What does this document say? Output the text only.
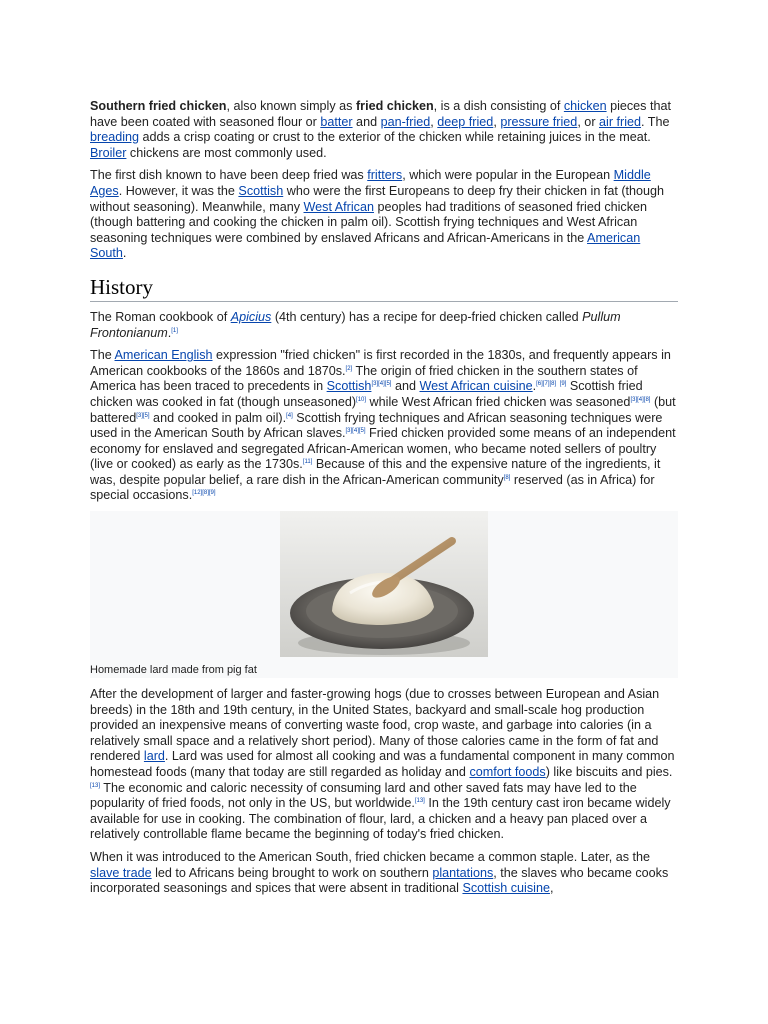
Southern fried chicken, also known simply as fried chicken, is a dish consisting of chicken pieces that have been coated with seasoned flour or batter and pan-fried, deep fried, pressure fried, or air fried. The breading adds a crisp coating or crust to the exterior of the chicken while retaining juices in the meat. Broiler chickens are most commonly used.

The first dish known to have been deep fried was fritters, which were popular in the European Middle Ages. However, it was the Scottish who were the first Europeans to deep fry their chicken in fat (though without seasoning). Meanwhile, many West African peoples had traditions of seasoned fried chicken (though battering and cooking the chicken in palm oil). Scottish frying techniques and West African seasoning techniques were combined by enslaved Africans and African-Americans in the American South.

History

The Roman cookbook of Apicius (4th century) has a recipe for deep-fried chicken called Pullum Frontonianum.[1]

The American English expression "fried chicken" is first recorded in the 1830s, and frequently appears in American cookbooks of the 1860s and 1870s.[2] The origin of fried chicken in the southern states of America has been traced to precedents in Scottish[3][4][5] and West African cuisine.[6][7][8] [9] Scottish fried chicken was cooked in fat (though unseasoned)[10] while West African fried chicken was seasoned[3][4][8] (but battered[3][5] and cooked in palm oil).[4] Scottish frying techniques and African seasoning techniques were used in the American South by African slaves.[3][4][5] Fried chicken provided some means of an independent economy for enslaved and segregated African-American women, who became noted sellers of poultry (live or cooked) as early as the 1730s.[11] Because of this and the expensive nature of the ingredients, it was, despite popular belief, a rare dish in the African-American community[8] reserved (as in Africa) for special occasions.[12][8][9]

Homemade lard made from pig fat

After the development of larger and faster-growing hogs (due to crosses between European and Asian breeds) in the 18th and 19th century, in the United States, backyard and small-scale hog production provided an inexpensive means of converting waste food, crop waste, and garbage into calories (in a relatively small space and a relatively short period). Many of those calories came in the form of fat and rendered lard. Lard was used for almost all cooking and was a fundamental component in many common homestead foods (many that today are still regarded as holiday and comfort foods) like biscuits and pies.[13] The economic and caloric necessity of consuming lard and other saved fats may have led to the popularity of fried foods, not only in the US, but worldwide.[13] In the 19th century cast iron became widely available for use in cooking. The combination of flour, lard, a chicken and a heavy pan placed over a relatively controllable flame became the beginning of today's fried chicken.

When it was introduced to the American South, fried chicken became a common staple. Later, as the slave trade led to Africans being brought to work on southern plantations, the slaves who became cooks incorporated seasonings and spices that were absent in traditional Scottish cuisine,
